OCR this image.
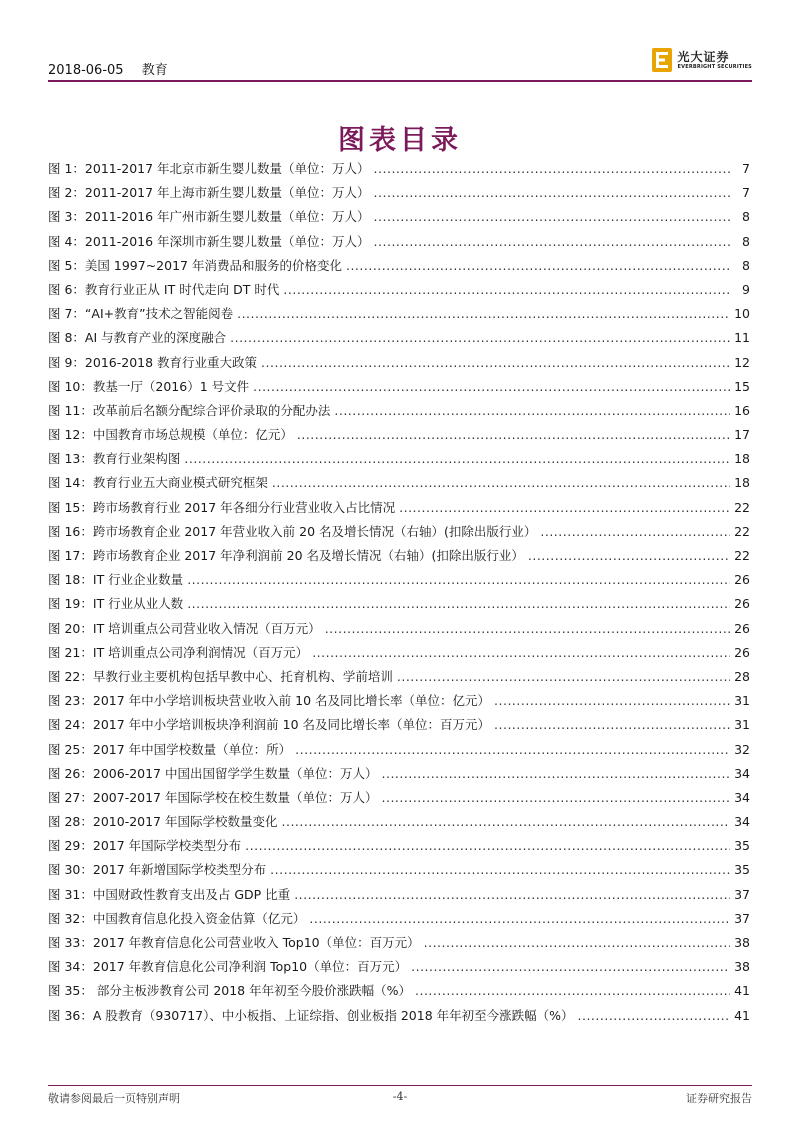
2018-06-05 教育
光大证券
EVERBRIGHT SECURITIES
图表目录
图 1：2011-2017 年北京市新生婴儿数量（单位：万人） .....	7
图 2：2011-2017 年上海市新生婴儿数量（单位：万人） .....	7
图 3：2011-2016 年广州市新生婴儿数量（单位：万人） .....	8
图 4：2011-2016 年深圳市新生婴儿数量（单位：万人） .....	8
图 5：美国 1997~2017 年消费品和服务的价格变化 .....	8
图 6：教育行业正从 IT 时代走向 DT 时代 .....	9
图 7：“AI+教育”技术之智能阅卷 .....	10
图 8：AI 与教育产业的深度融合 .....	11
图 9：2016-2018 教育行业重大政策 .....	12
图 10：教基一厅（2016）1 号文件 .....	15
图 11：改革前后名额分配综合评价录取的分配办法 .....	16
图 12：中国教育市场总规模（单位：亿元） .....	17
图 13：教育行业架构图 .....	18
图 14：教育行业五大商业模式研究框架 .....	18
图 15：跨市场教育行业 2017 年各细分行业营业收入占比情况 .....	22
图 16：跨市场教育企业 2017 年营业收入前 20 名及增长情况（右轴）(扣除出版行业） .....	22
图 17：跨市场教育企业 2017 年净利润前 20 名及增长情况（右轴）(扣除出版行业） .....	22
图 18：IT 行业企业数量 .....	26
图 19：IT 行业从业人数 .....	26
图 20：IT 培训重点公司营业收入情况（百万元） .....	26
图 21：IT 培训重点公司净利润情况（百万元） .....	26
图 22：早教行业主要机构包括早教中心、托育机构、学前培训 .....	28
图 23：2017 年中小学培训板块营业收入前 10 名及同比增长率（单位：亿元） .....	31
图 24：2017 年中小学培训板块净利润前 10 名及同比增长率（单位：百万元） .....	31
图 25：2017 年中国学校数量（单位：所） .....	32
图 26：2006-2017 中国出国留学学生数量（单位：万人） .....	34
图 27：2007-2017 年国际学校在校生数量（单位：万人） .....	34
图 28：2010-2017 年国际学校数量变化 .....	34
图 29：2017 年国际学校类型分布 .....	35
图 30：2017 年新增国际学校类型分布 .....	35
图 31：中国财政性教育支出及占 GDP 比重 .....	37
图 32：中国教育信息化投入资金估算（亿元） .....	37
图 33：2017 年教育信息化公司营业收入 Top10（单位：百万元） .....	38
图 34：2017 年教育信息化公司净利润 Top10（单位：百万元） .....	38
图 35： 部分主板涉教育公司 2018 年年初至今股价涨跌幅（%） .....	41
图 36：A 股教育（930717）、中小板指、上证综指、创业板指 2018 年年初至今涨跌幅（%） .....	41
敬请参阅最后一页特别声明	-4-	证券研究报告
